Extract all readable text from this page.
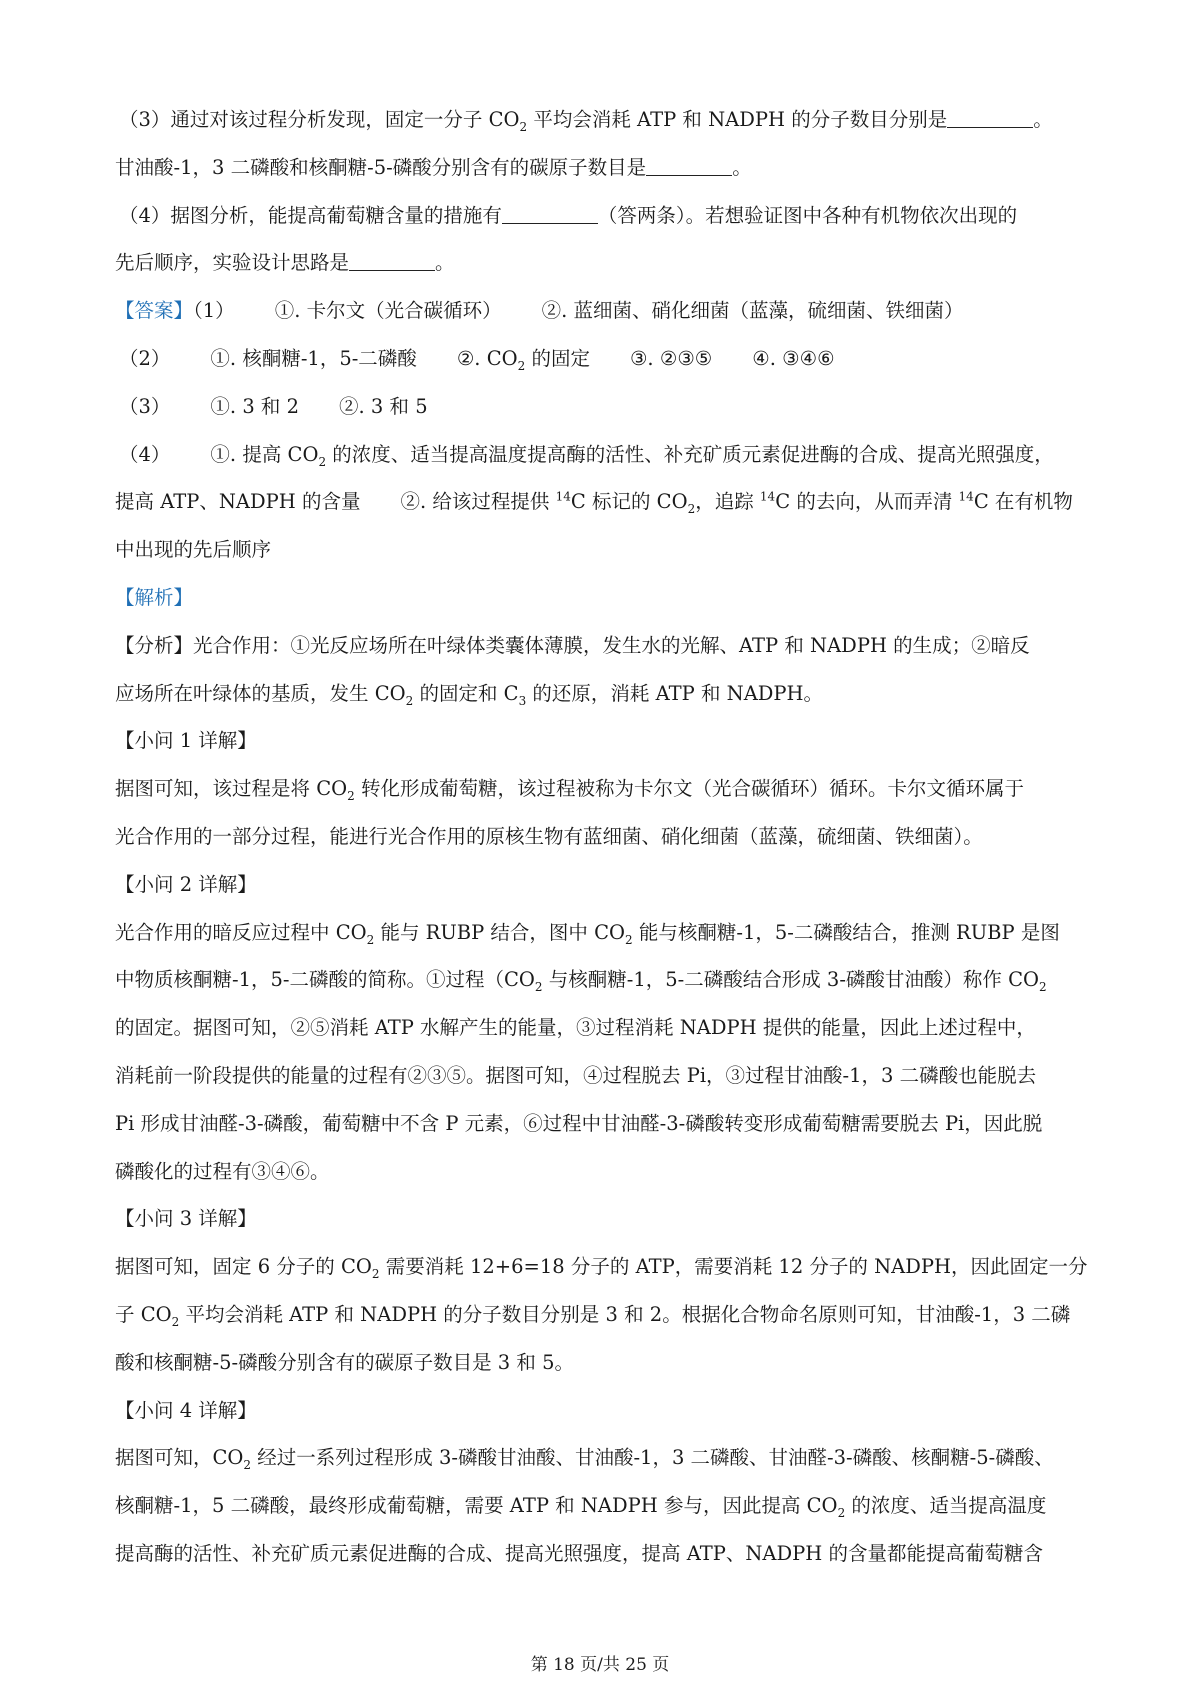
（3）通过对该过程分析发现，固定一分子 $CO_2$ 平均会消耗 ATP 和 NADPH 的分子数目分别是	。
甘油酸-1，3 二磷酸和核酮糖-5-磷酸分别含有的碳原子数目是	。
（4）据图分析，能提高葡萄糖含量的措施有	（答两条）。若想验证图中各种有机物依次出现的
先后顺序，实验设计思路是	。
【答案】（1） ①. 卡尔文（光合碳循环） ②. 蓝细菌、硝化细菌（蓝藻，硫细菌、铁细菌）
（2） ①. 核酮糖-1，5-二磷酸 ②. $CO_2$ 的固定 ③. ②③⑤ ④. ③④⑥
（3） ①. 3 和 2 ②. 3 和 5
（4） ①. 提高 $CO_2$ 的浓度、适当提高温度提高酶的活性、补充矿质元素促进酶的合成、提高光照强度，
提高 ATP、NADPH 的含量 ②. 给该过程提供 $^{14}$C 标记的 $CO_2$，追踪 $^{14}$C 的去向，从而弄清 $^{14}$C 在有机物
中出现的先后顺序
【解析】
【分析】光合作用：①光反应场所在叶绿体类囊体薄膜，发生水的光解、ATP 和 NADPH 的生成；②暗反
应场所在叶绿体的基质，发生 $CO_2$ 的固定和 $C_3$ 的还原，消耗 ATP 和 NADPH。
【小问 1 详解】
据图可知，该过程是将 $CO_2$ 转化形成葡萄糖，该过程被称为卡尔文（光合碳循环）循环。卡尔文循环属于
光合作用的一部分过程，能进行光合作用的原核生物有蓝细菌、硝化细菌（蓝藻，硫细菌、铁细菌）。
【小问 2 详解】
光合作用的暗反应过程中 $CO_2$ 能与 RUBP 结合，图中 $CO_2$ 能与核酮糖-1，5-二磷酸结合，推测 RUBP 是图
中物质核酮糖-1，5-二磷酸的简称。①过程（$CO_2$ 与核酮糖-1，5-二磷酸结合形成 3-磷酸甘油酸）称作 $CO_2$
的固定。据图可知，②⑤消耗 ATP 水解产生的能量，③过程消耗 NADPH 提供的能量，因此上述过程中，
消耗前一阶段提供的能量的过程有②③⑤。据图可知，④过程脱去 Pi，③过程甘油酸-1，3 二磷酸也能脱去
Pi 形成甘油醛-3-磷酸，葡萄糖中不含 P 元素，⑥过程中甘油醛-3-磷酸转变形成葡萄糖需要脱去 Pi，因此脱
磷酸化的过程有③④⑥。
【小问 3 详解】
据图可知，固定 6 分子的 $CO_2$ 需要消耗 12+6=18 分子的 ATP，需要消耗 12 分子的 NADPH，因此固定一分
子 $CO_2$ 平均会消耗 ATP 和 NADPH 的分子数目分别是 3 和 2。根据化合物命名原则可知，甘油酸-1，3 二磷
酸和核酮糖-5-磷酸分别含有的碳原子数目是 3 和 5。
【小问 4 详解】
据图可知，$CO_2$ 经过一系列过程形成 3-磷酸甘油酸、甘油酸-1，3 二磷酸、甘油醛-3-磷酸、核酮糖-5-磷酸、
核酮糖-1，5 二磷酸，最终形成葡萄糖，需要 ATP 和 NADPH 参与，因此提高 $CO_2$ 的浓度、适当提高温度
提高酶的活性、补充矿质元素促进酶的合成、提高光照强度，提高 ATP、NADPH 的含量都能提高葡萄糖含
第 18 页/共 25 页
